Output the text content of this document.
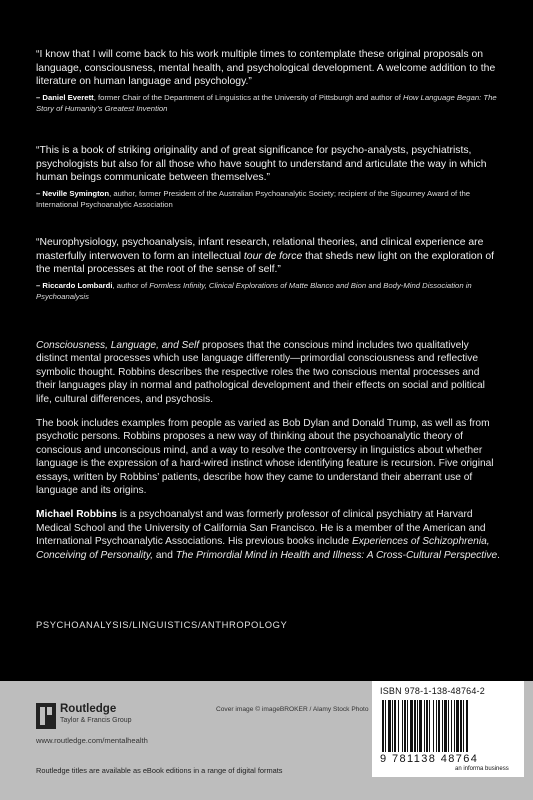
“I know that I will come back to his work multiple times to contemplate these original proposals on language, consciousness, mental health, and psychological development. A welcome addition to the literature on human language and psychology.”

– Daniel Everett, former Chair of the Department of Linguistics at the University of Pittsburgh and author of How Language Began: The Story of Humanity’s Greatest Invention

“This is a book of striking originality and of great significance for psycho-analysts, psychiatrists, psychologists but also for all those who have sought to understand and articulate the way in which human beings communicate between themselves.”

– Neville Symington, author, former President of the Australian Psychoanalytic Society; recipient of the Sigourney Award of the International Psychoanalytic Association

“Neurophysiology, psychoanalysis, infant research, relational theories, and clinical experience are masterfully interwoven to form an intellectual tour de force that sheds new light on the exploration of the mental processes at the root of the sense of self.”

– Riccardo Lombardi, author of Formless Infinity, Clinical Explorations of Matte Blanco and Bion and Body-Mind Dissociation in Psychoanalysis

Consciousness, Language, and Self proposes that the conscious mind includes two qualitatively distinct mental processes which use language differently—primordial consciousness and reflective symbolic thought. Robbins describes the respective roles the two conscious mental processes and their languages play in normal and pathological development and their effects on social and political life, cultural differences, and psychosis.

The book includes examples from people as varied as Bob Dylan and Donald Trump, as well as from psychotic persons. Robbins proposes a new way of thinking about the psychoanalytic theory of conscious and unconscious mind, and a way to resolve the controversy in linguistics about whether language is the expression of a hard-wired instinct whose identifying feature is recursion. Five original essays, written by Robbins’ patients, describe how they came to understand their aberrant use of language and its origins.

Michael Robbins is a psychoanalyst and was formerly professor of clinical psychiatry at Harvard Medical School and the University of California San Francisco. He is a member of the American and International Psychoanalytic Associations. His previous books include Experiences of Schizophrenia, Conceiving of Personality, and The Primordial Mind in Health and Illness: A Cross-Cultural Perspective.

PSYCHOANALYSIS/LINGUISTICS/ANTHROPOLOGY
Routledge
Taylor & Francis Group
www.routledge.com/mentalhealth
Cover image © imageBROKER / Alamy Stock Photo
Routledge titles are available as eBook editions in a range of digital formats
ISBN 978-1-138-48764-2
9 781138 48764
an informa business
